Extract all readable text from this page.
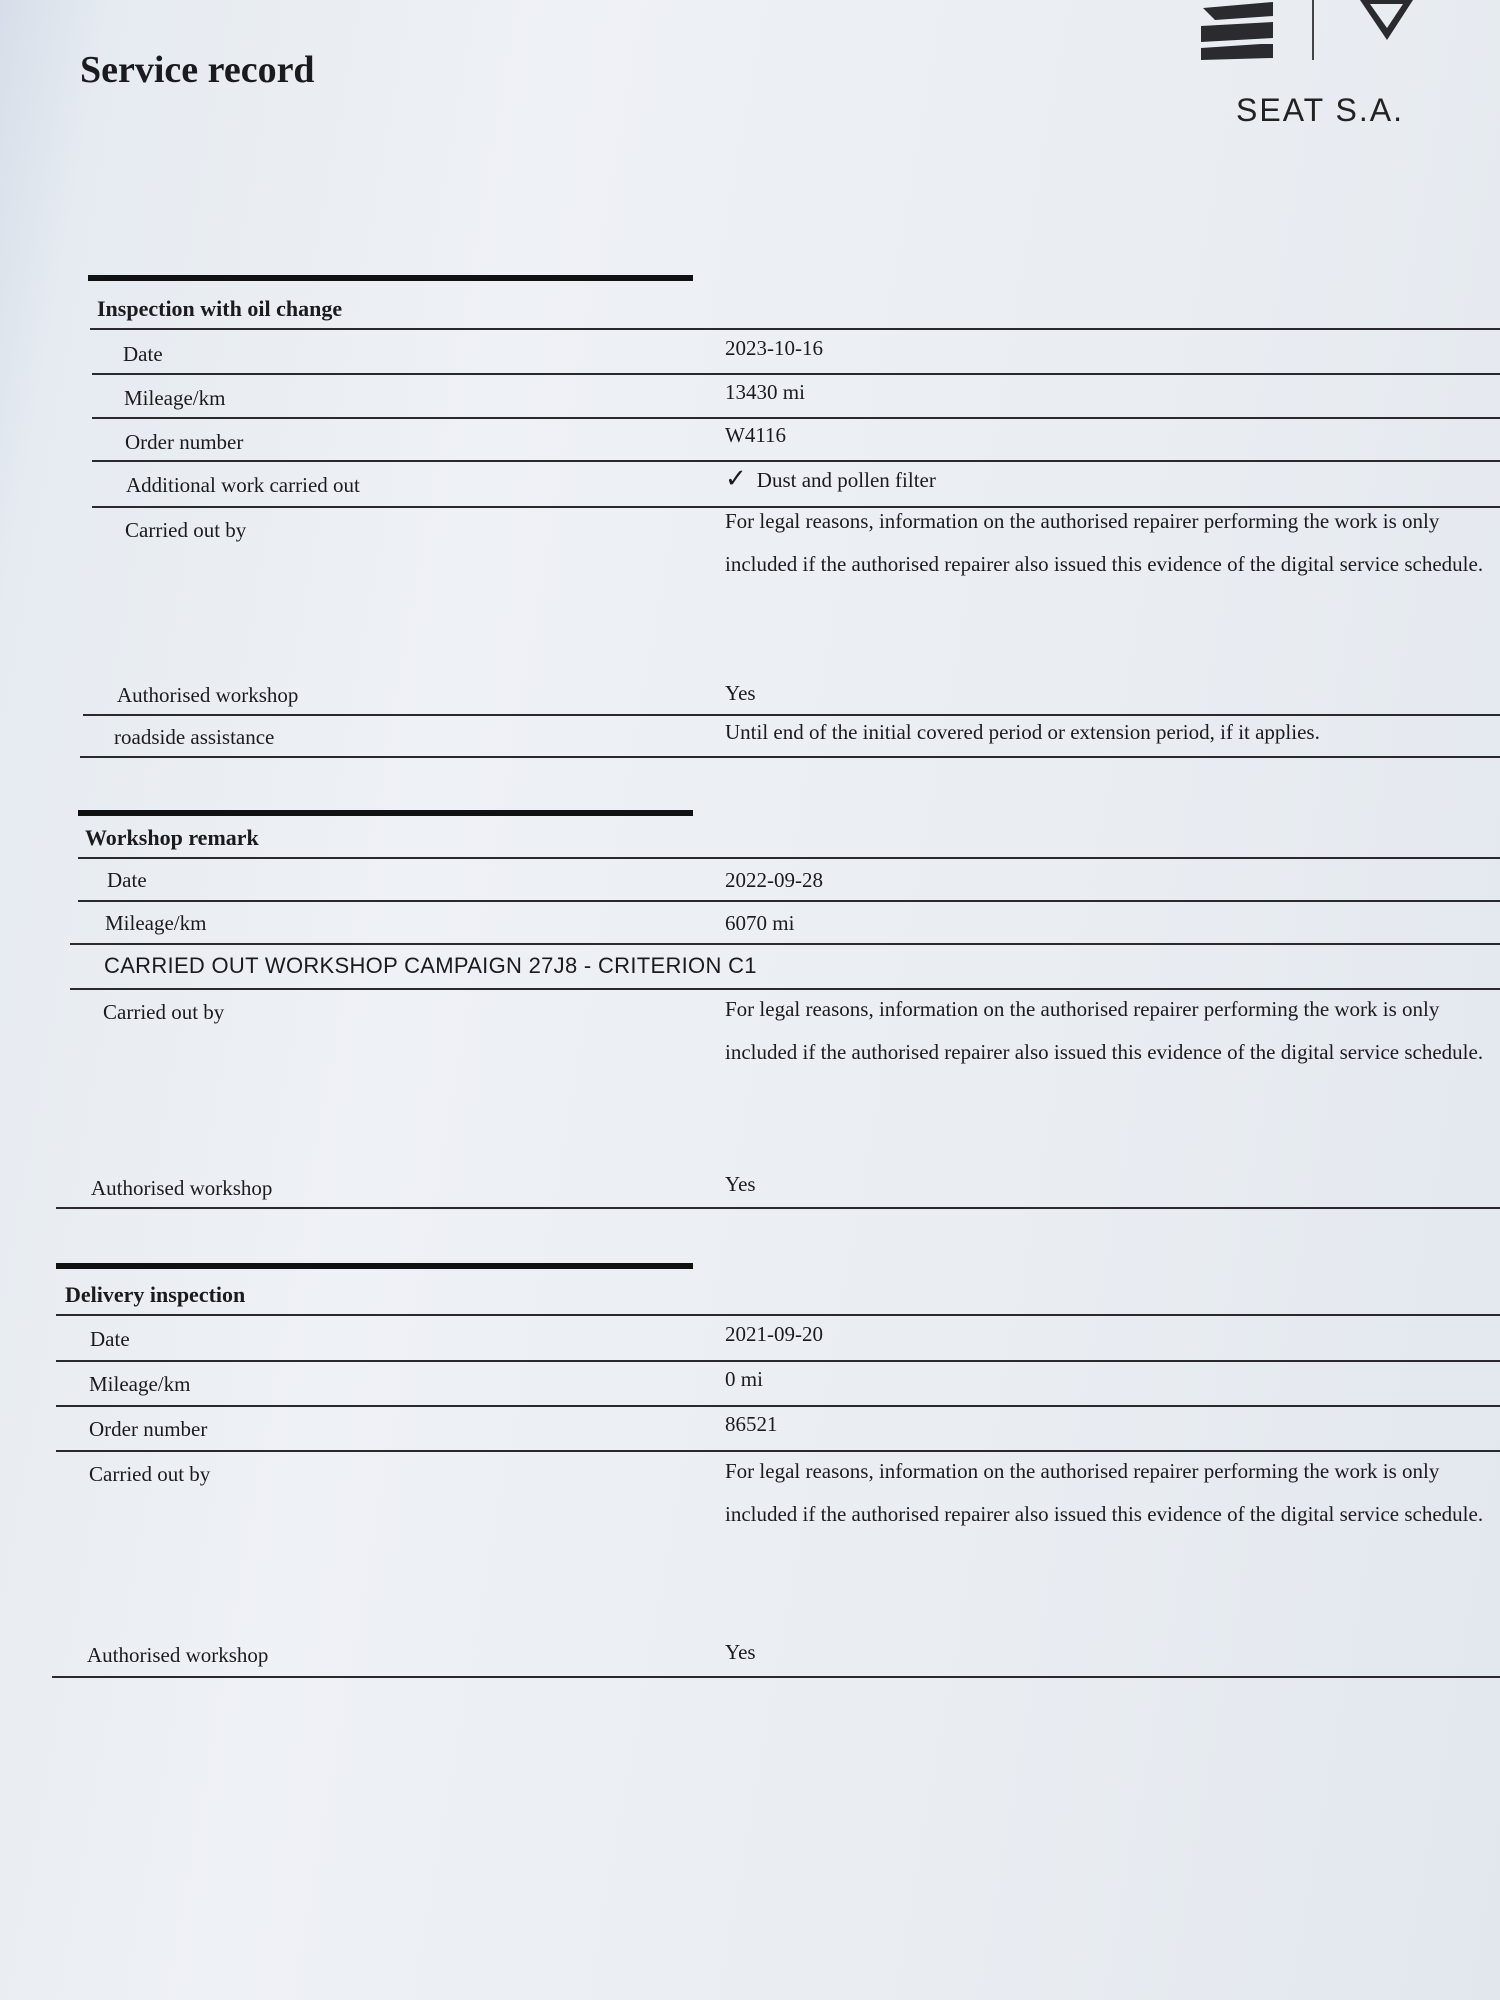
Service record
SEAT S.A.
Inspection with oil change
Date	2023-10-16
Mileage/km	13430 mi
Order number	W4116
Additional work carried out	✓ Dust and pollen filter
Carried out by	For legal reasons, information on the authorised repairer performing the work is only included if the authorised repairer also issued this evidence of the digital service schedule.
Authorised workshop	Yes
roadside assistance	Until end of the initial covered period or extension period, if it applies.
Workshop remark
Date	2022-09-28
Mileage/km	6070 mi
CARRIED OUT WORKSHOP CAMPAIGN 27J8 - CRITERION C1
Carried out by	For legal reasons, information on the authorised repairer performing the work is only included if the authorised repairer also issued this evidence of the digital service schedule.
Authorised workshop	Yes
Delivery inspection
Date	2021-09-20
Mileage/km	0 mi
Order number	86521
Carried out by	For legal reasons, information on the authorised repairer performing the work is only included if the authorised repairer also issued this evidence of the digital service schedule.
Authorised workshop	Yes
